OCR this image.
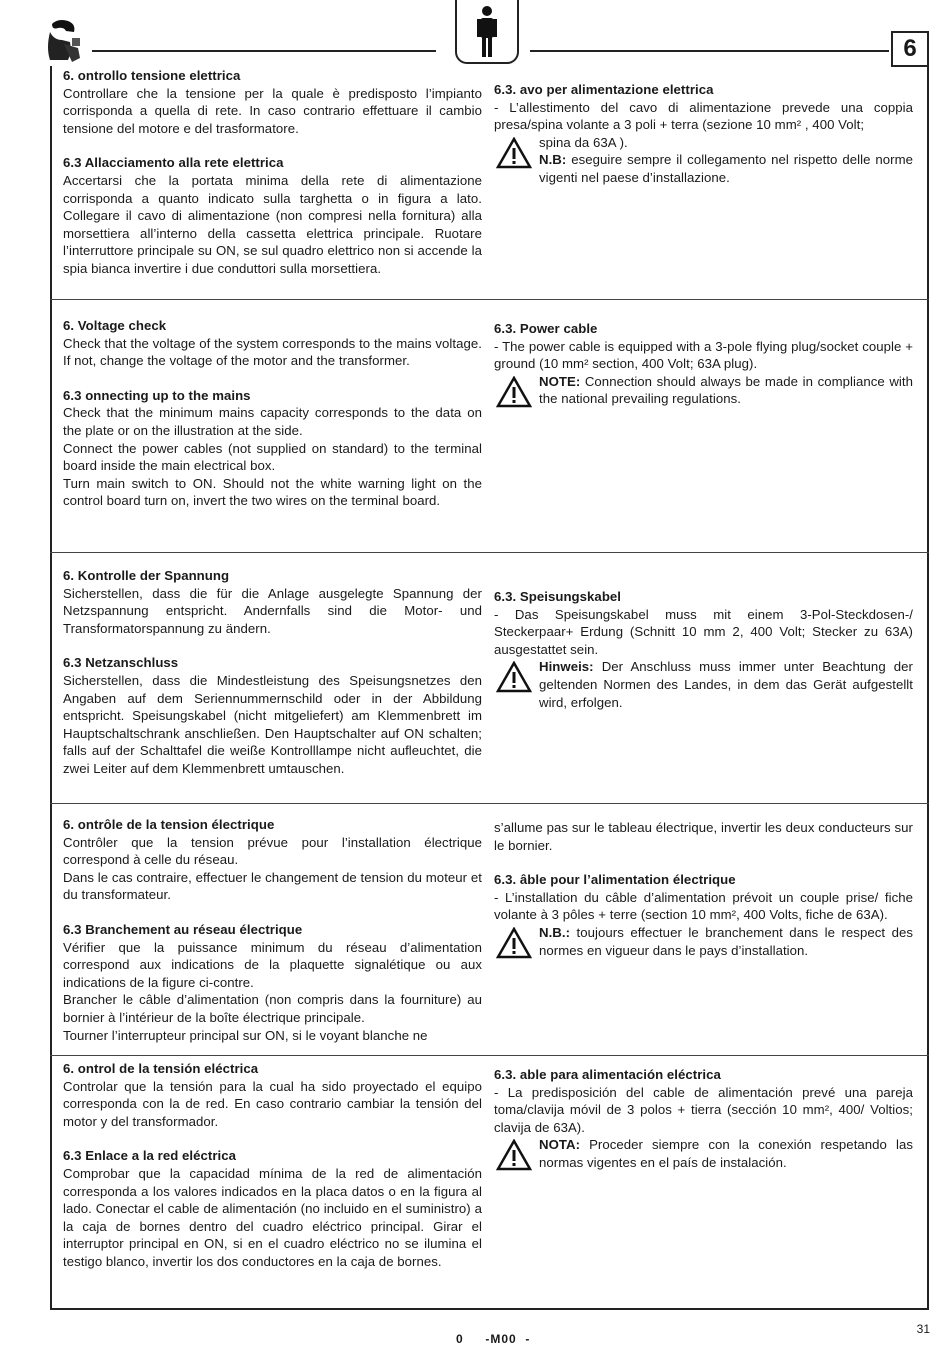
6

6. ontrollo tensione elettrica

Controllare che la tensione per la quale è predisposto l’impianto corrisponda a quella di rete. In caso contrario effettuare il cambio tensione del motore e del trasformatore.

6.3 Allacciamento alla rete elettrica

Accertarsi che la portata minima della rete di alimentazione corrisponda a quanto indicato sulla targhetta o in figura a lato. Collegare il cavo di alimentazione (non compresi nella fornitura) alla morsettiera all’interno della cassetta elettrica principale. Ruotare l’interruttore principale su ON, se sul quadro elettrico non si accende la spia bianca invertire i due conduttori sulla morsettiera.

6.3. avo per alimentazione elettrica

- L’allestimento del cavo di alimentazione prevede una coppia presa/spina volante a 3 poli + terra (sezione 10 mm² , 400 Volt;

spina da 63A ).

N.B: eseguire sempre il collegamento nel rispetto delle norme vigenti nel paese d’installazione.

6. Voltage check

Check that the voltage of the system corresponds to the mains voltage. If not, change the voltage of the motor and the transformer.

6.3 onnecting up to the mains

Check that the minimum mains capacity corresponds to the data on the plate or on the illustration at the side.

Connect the power cables (not supplied on standard) to the terminal board inside the main electrical box.

Turn main switch to ON. Should not the white warning light on the control board turn on, invert the two wires on the terminal board.

6.3. Power cable

- The power cable is equipped with a 3-pole flying plug/socket couple + ground (10 mm² section, 400 Volt; 63A plug).

NOTE: Connection should always be made in compliance with the national prevailing regulations.

6. Kontrolle der Spannung

Sicherstellen, dass die für die Anlage ausgelegte Spannung der Netzspannung entspricht. Andernfalls sind die Motor- und Transformatorspannung zu ändern.

6.3 Netzanschluss

Sicherstellen, dass die Mindestleistung des Speisungsnetzes den Angaben auf dem Seriennummernschild oder in der Abbildung entspricht. Speisungskabel (nicht mitgeliefert) am Klemmenbrett im Hauptschaltschrank anschließen. Den Hauptschalter auf ON schalten; falls auf der Schalttafel die weiße Kontrolllampe nicht aufleuchtet, die zwei Leiter auf dem Klemmenbrett umtauschen.

6.3. Speisungskabel

- Das Speisungskabel muss mit einem 3-Pol-Steckdosen-/ Steckerpaar+ Erdung (Schnitt 10 mm 2, 400 Volt; Stecker zu 63A) ausgestattet sein.

Hinweis: Der Anschluss muss immer unter Beachtung der geltenden Normen des Landes, in dem das Gerät aufgestellt wird, erfolgen.

6. ontrôle de la tension électrique

Contrôler que la tension prévue pour l’installation électrique correspond à celle du réseau.

Dans le cas contraire, effectuer le changement de tension du moteur et du transformateur.

6.3 Branchement au réseau électrique

Vérifier que la puissance minimum du réseau d’alimentation correspond aux indications de la plaquette signalétique ou aux indications de la figure ci-contre.

Brancher le câble d’alimentation (non compris dans la fourniture) au bornier à l’intérieur de la boîte électrique principale.

Tourner l’interrupteur principal sur ON, si le voyant blanche ne

s’allume pas sur le tableau électrique, invertir les deux conducteurs sur le bornier.

6.3. âble pour l’alimentation électrique

- L’installation du câble d’alimentation prévoit un couple prise/ fiche volante à 3 pôles + terre (section 10 mm², 400 Volts, fiche de 63A).

N.B.: toujours effectuer le branchement dans le respect des normes en vigueur dans le pays d’installation.

6. ontrol de la tensión eléctrica

Controlar que la tensión para la cual ha sido proyectado el equipo corresponda con la de red. En caso contrario cambiar la tensión del motor y del transformador.

6.3 Enlace a la red eléctrica

Comprobar que la capacidad mínima de la red de alimentación corresponda a los valores indicados en la placa datos o en la figura al lado. Conectar el cable de alimentación (no incluido en el suministro) a la caja de bornes dentro del cuadro eléctrico principal. Girar el interruptor principal en ON, si en el cuadro eléctrico no se ilumina el testigo blanco, invertir los dos conductores en la caja de bornes.

6.3. able para alimentación eléctrica

- La predisposición del cable de alimentación prevé una pareja toma/clavija móvil de 3 polos + tierra (sección 10 mm², 400/ Voltios; clavija de 63A).

NOTA: Proceder siempre con la conexión respetando las normas vigentes en el país de instalación.

31
0     -M00  -
